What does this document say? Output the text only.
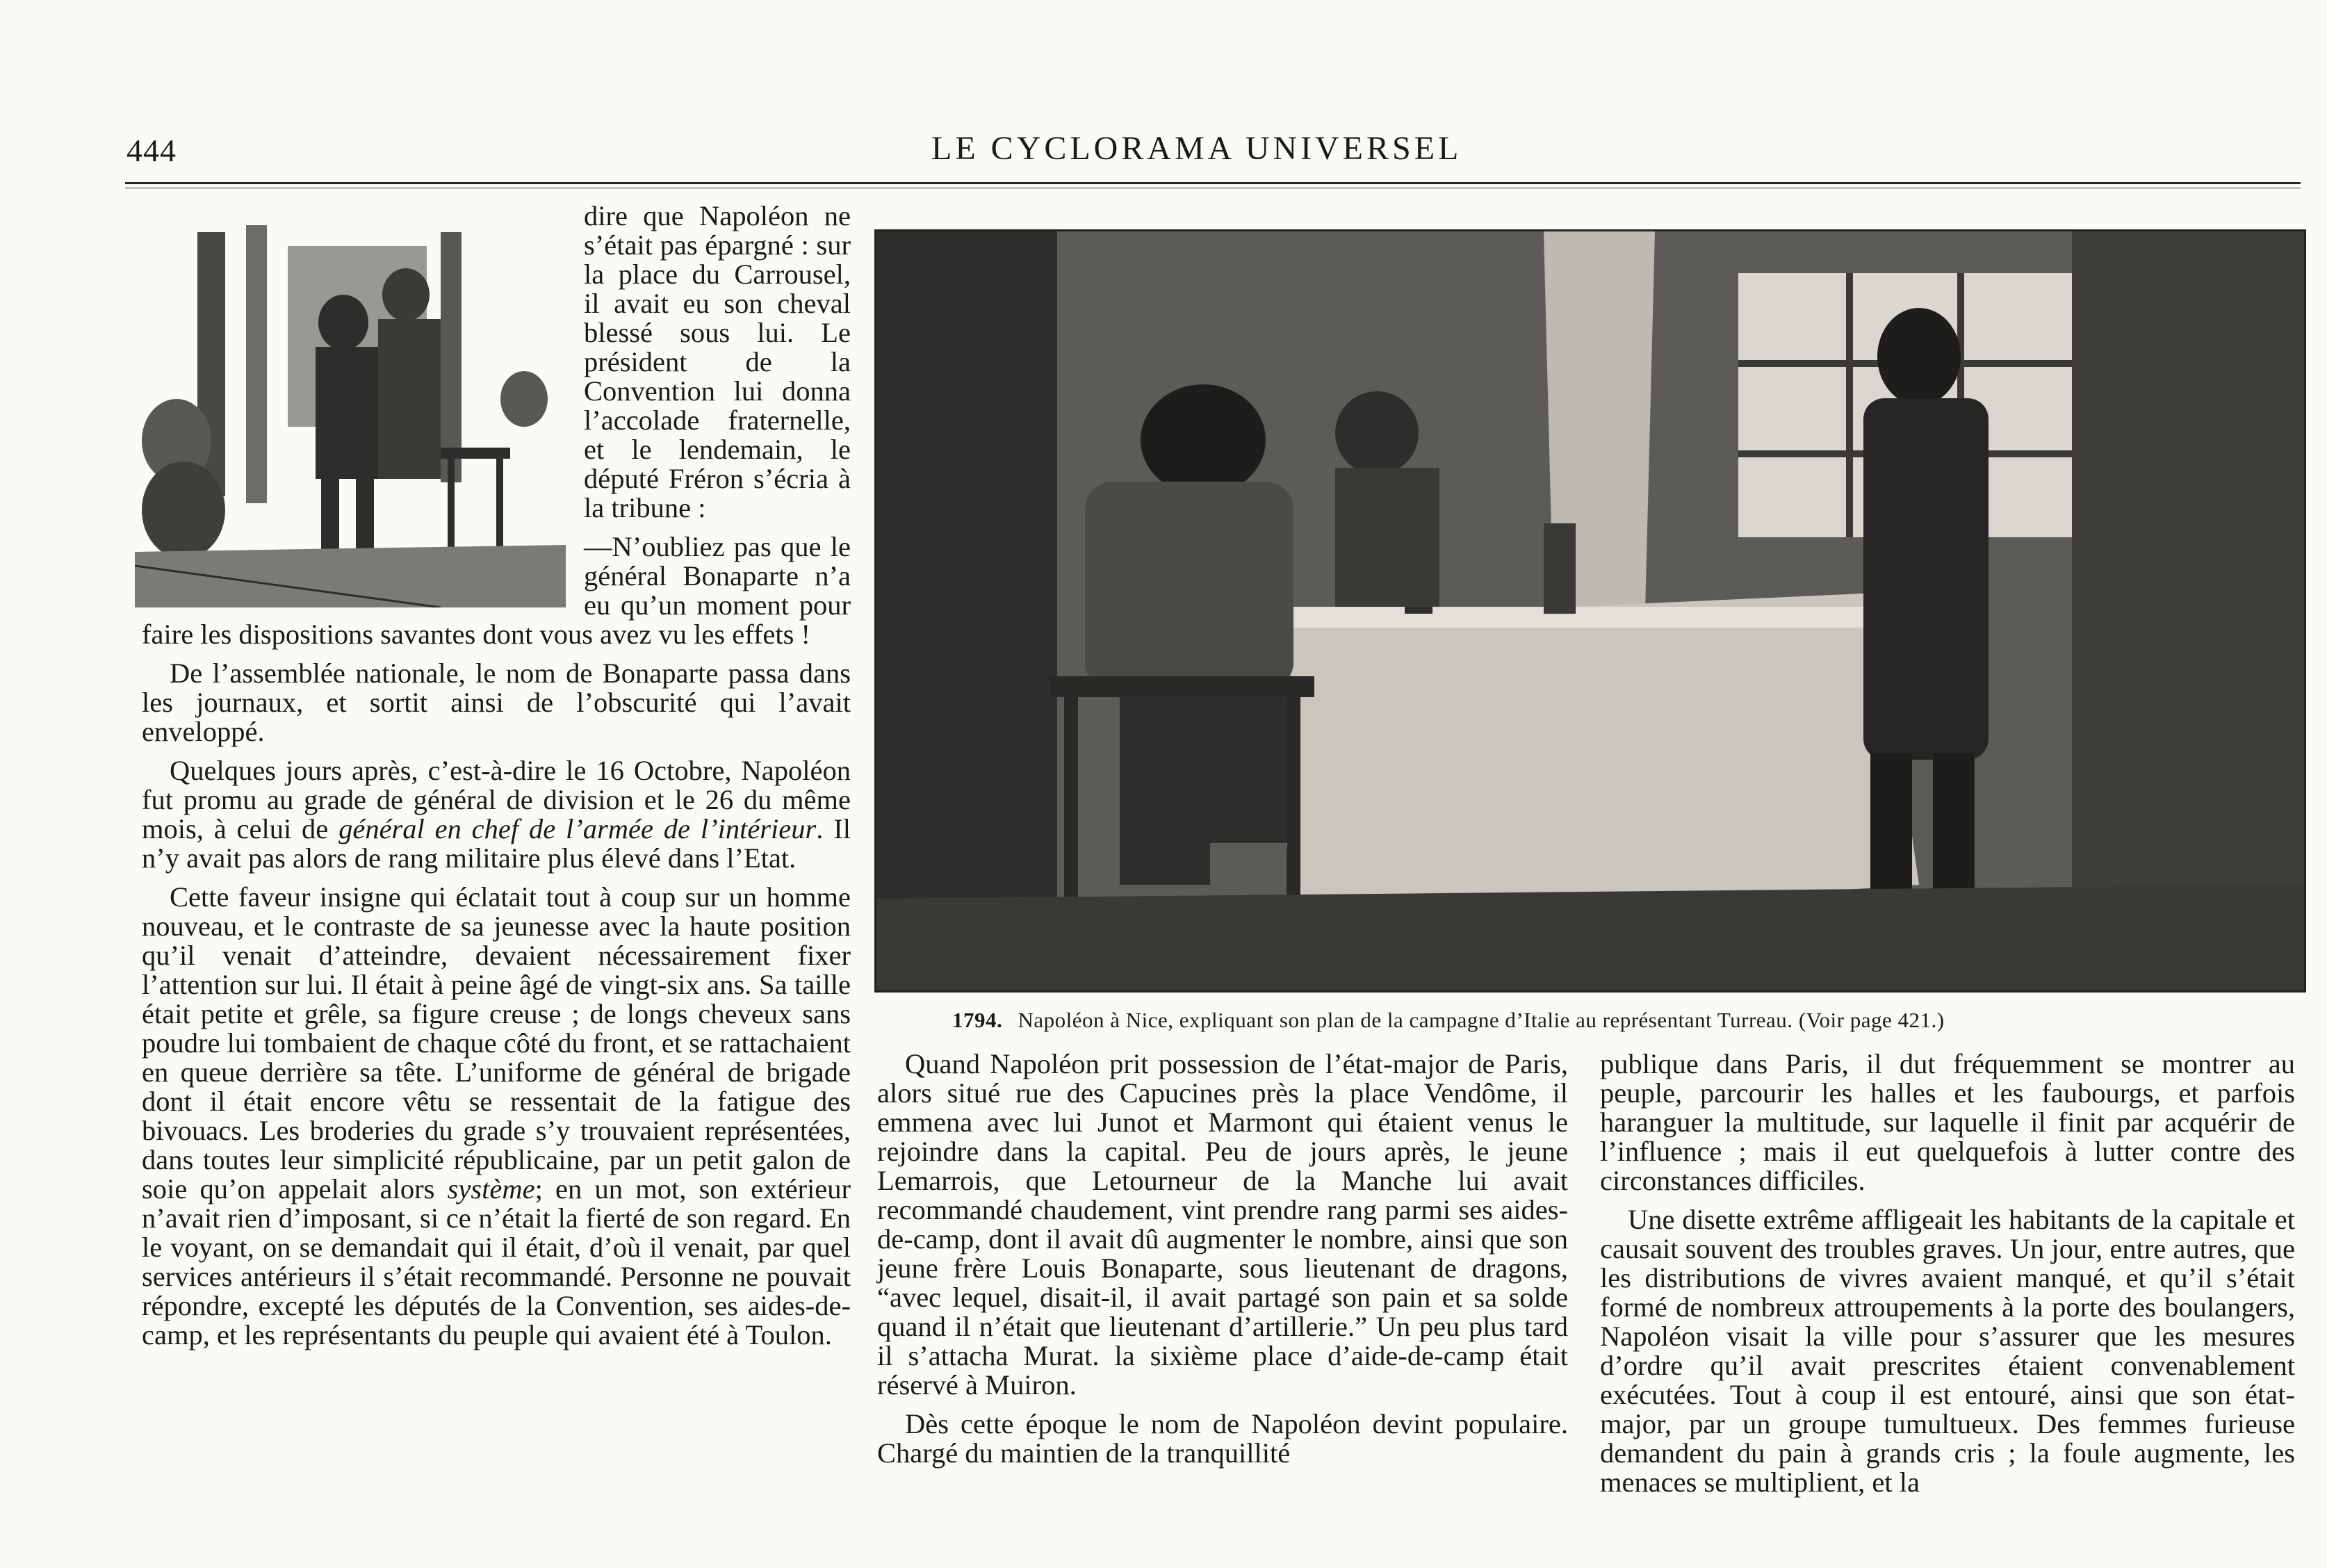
444	LE CYCLORAMA UNIVERSEL

dire que Napoléon ne s’était pas épargné : sur la place du Carrousel, il avait eu son cheval blessé sous lui. Le président de la Convention lui donna l’accolade fraternelle, et le lendemain, le député Fréron s’écria à la tribune :

—N’oubliez pas que le général Bonaparte n’a eu qu’un moment pour faire les dispositions savantes dont vous avez vu les effets !

De l’assemblée nationale, le nom de Bonaparte passa dans les journaux, et sortit ainsi de l’obscurité qui l’avait enveloppé.

Quelques jours après, c’est-à-dire le 16 Octobre, Napoléon fut promu au grade de général de division et le 26 du même mois, à celui de général en chef de l’armée de l’intérieur. Il n’y avait pas alors de rang militaire plus élevé dans l’Etat.

Cette faveur insigne qui éclatait tout à coup sur un homme nouveau, et le contraste de sa jeunesse avec la haute position qu’il venait d’atteindre, devaient nécessairement fixer l’attention sur lui. Il était à peine âgé de vingt-six ans. Sa taille était petite et grêle, sa figure creuse ; de longs cheveux sans poudre lui tombaient de chaque côté du front, et se rattachaient en queue derrière sa tête. L’uniforme de général de brigade dont il était encore vêtu se ressentait de la fatigue des bivouacs. Les broderies du grade s’y trouvaient représentées, dans toutes leur simplicité républicaine, par un petit galon de soie qu’on appelait alors système; en un mot, son extérieur n’avait rien d’imposant, si ce n’était la fierté de son regard. En le voyant, on se demandait qui il était, d’où il venait, par quel services antérieurs il s’était recommandé. Personne ne pouvait répondre, excepté les députés de la Convention, ses aides-de-camp, et les représentants du peuple qui avaient été à Toulon.

1794. Napoléon à Nice, expliquant son plan de la campagne d’Italie au représentant Turreau. (Voir page 421.)

Quand Napoléon prit possession de l’état-major de Paris, alors situé rue des Capucines près la place Vendôme, il emmena avec lui Junot et Marmont qui étaient venus le rejoindre dans la capital. Peu de jours après, le jeune Lemarrois, que Letourneur de la Manche lui avait recommandé chaudement, vint prendre rang parmi ses aides-de-camp, dont il avait dû augmenter le nombre, ainsi que son jeune frère Louis Bonaparte, sous lieutenant de dragons, “avec lequel, disait-il, il avait partagé son pain et sa solde quand il n’était que lieutenant d’artillerie.” Un peu plus tard il s’attacha Murat. la sixième place d’aide-de-camp était réservé à Muiron.

Dès cette époque le nom de Napoléon devint populaire. Chargé du maintien de la tranquillité

publique dans Paris, il dut fréquemment se montrer au peuple, parcourir les halles et les faubourgs, et parfois haranguer la multitude, sur laquelle il finit par acquérir de l’influence ; mais il eut quelquefois à lutter contre des circonstances difficiles.

Une disette extrême affligeait les habitants de la capitale et causait souvent des troubles graves. Un jour, entre autres, que les distributions de vivres avaient manqué, et qu’il s’était formé de nombreux attroupements à la porte des boulangers, Napoléon visait la ville pour s’assurer que les mesures d’ordre qu’il avait prescrites étaient convenablement exécutées. Tout à coup il est entouré, ainsi que son état-major, par un groupe tumultueux. Des femmes furieuse demandent du pain à grands cris ; la foule augmente, les menaces se multiplient, et la
